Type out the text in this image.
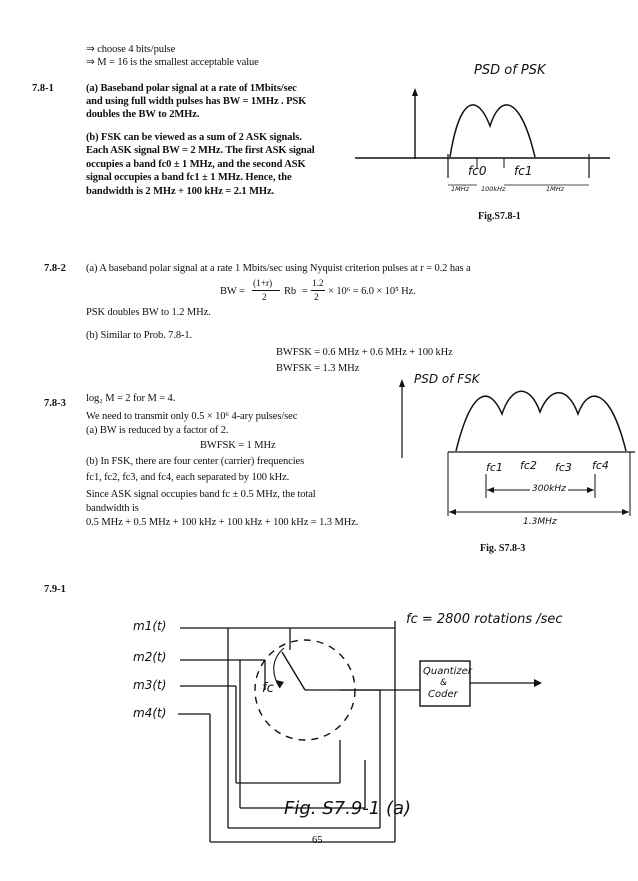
⇒ choose 4 bits/pulse
⇒ M = 16 is the smallest acceptable value
7.8-1	(a) Baseband polar signal at a rate of 1Mbits/sec
and using full width pulses has BW = 1MHz . PSK
doubles the BW to 2MHz.
(b) FSK can be viewed as a sum of 2 ASK signals.
Each ASK signal BW = 2 MHz. The first ASK signal
occupies a band fc0 ± 1 MHz, and the second ASK
signal occupies a band fc1 ± 1 MHz. Hence, the
bandwidth is 2 MHz + 100 kHz = 2.1 MHz.
PSD of PSK
fc0 fc1
1MHz 100kHz	1MHz
Fig.S7.8-1
7.8-2 (a) A baseband polar signal at a rate 1 Mbits/sec using Nyquist criterion pulses at r = 0.2 has a
BW =
(1+r)
2
Rb =
1.2
2
× 10⁶ = 6.0 × 10⁵ Hz.
PSK doubles BW to 1.2 MHz.
(b) Similar to Prob. 7.8-1.
BWFSK = 0.6 MHz + 0.6 MHz + 100 kHz
BWFSK = 1.3 MHz
7.8-3 log₂ M = 2 for M = 4.
We need to transmit only 0.5 × 10⁶ 4-ary pulses/sec
(a) BW is reduced by a factor of 2.
BWFSK = 1 MHz
(b) In FSK, there are four center (carrier) frequencies
fc1, fc2, fc3, and fc4, each separated by 100 kHz.
Since ASK signal occupies band fc ± 0.5 MHz, the total
bandwidth is
0.5 MHz + 0.5 MHz + 100 kHz + 100 kHz + 100 kHz = 1.3 MHz.
PSD of FSK
fc1 fc2 fc3 fc4
300kHz
1.3MHz
Fig. S7.8-3
7.9-1
fc = 2800 rotations /sec
m1(t)
m2(t)
m3(t)
m4(t)
fc
Quantizer
&
Coder
Fig. S7.9-1 (a)
65
